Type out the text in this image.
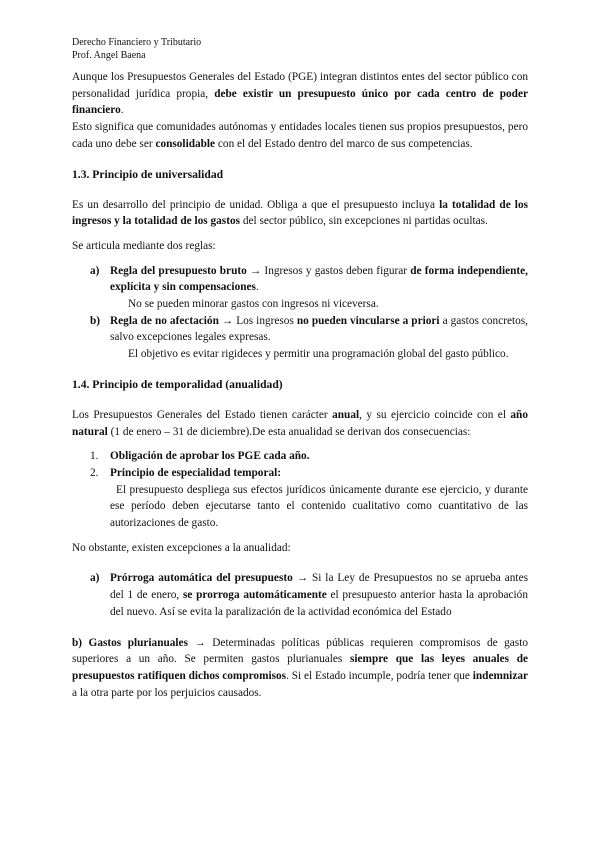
Derecho Financiero y Tributario

Prof. Angel Baena

Aunque los Presupuestos Generales del Estado (PGE) integran distintos entes del sector público con personalidad jurídica propia, debe existir un presupuesto único por cada centro de poder financiero.

Esto significa que comunidades autónomas y entidades locales tienen sus propios presupuestos, pero cada uno debe ser consolidable con el del Estado dentro del marco de sus competencias.

1.3. Principio de universalidad

Es un desarrollo del principio de unidad. Obliga a que el presupuesto incluya la totalidad de los ingresos y la totalidad de los gastos del sector público, sin excepciones ni partidas ocultas.

Se articula mediante dos reglas:

a) Regla del presupuesto bruto → Ingresos y gastos deben figurar de forma independiente, explícita y sin compensaciones.

No se pueden minorar gastos con ingresos ni viceversa.

b) Regla de no afectación → Los ingresos no pueden vincularse a priori a gastos concretos, salvo excepciones legales expresas.

El objetivo es evitar rigideces y permitir una programación global del gasto público.

1.4. Principio de temporalidad (anualidad)

Los Presupuestos Generales del Estado tienen carácter anual, y su ejercicio coincide con el año natural (1 de enero – 31 de diciembre).De esta anualidad se derivan dos consecuencias:

1. Obligación de aprobar los PGE cada año.
2. Principio de especialidad temporal:

El presupuesto despliega sus efectos jurídicos únicamente durante ese ejercicio, y durante ese período deben ejecutarse tanto el contenido cualitativo como cuantitativo de las autorizaciones de gasto.

No obstante, existen excepciones a la anualidad:

a) Prórroga automática del presupuesto → Si la Ley de Presupuestos no se aprueba antes del 1 de enero, se prorroga automáticamente el presupuesto anterior hasta la aprobación del nuevo. Así se evita la paralización de la actividad económica del Estado

b) Gastos plurianuales → Determinadas políticas públicas requieren compromisos de gasto superiores a un año. Se permiten gastos plurianuales siempre que las leyes anuales de presupuestos ratifiquen dichos compromisos. Si el Estado incumple, podría tener que indemnizar a la otra parte por los perjuicios causados.
